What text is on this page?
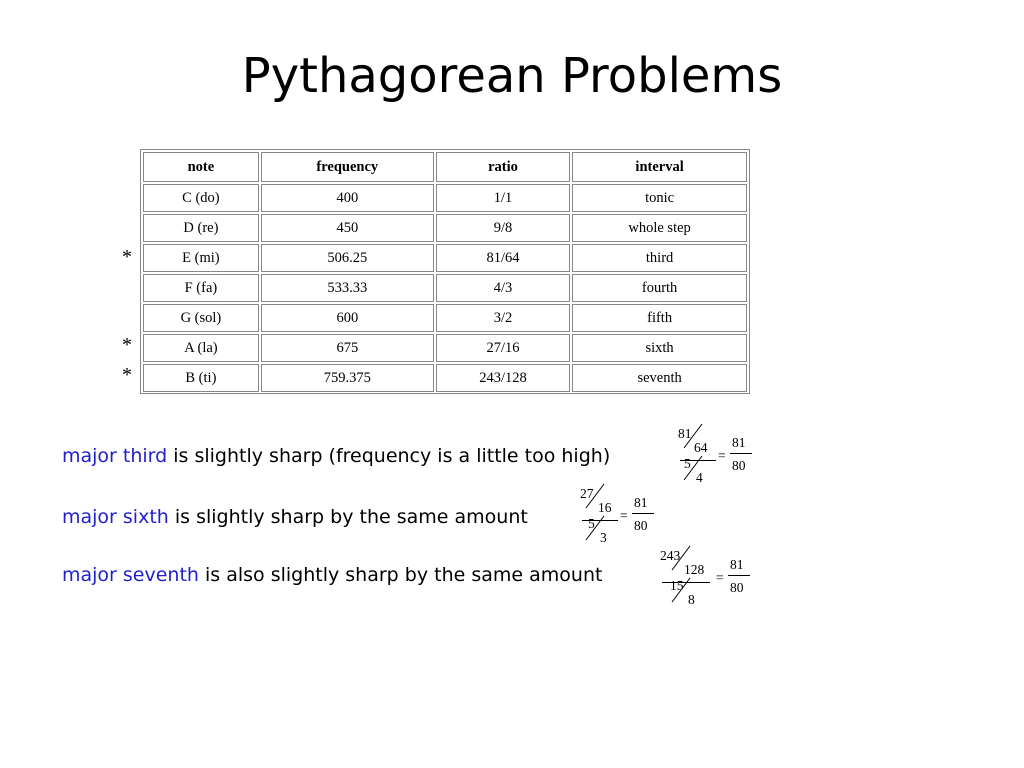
Pythagorean Problems
note	frequency	ratio	interval
C (do)	400	1/1	tonic
D (re)	450	9/8	whole step
E (mi)	506.25	81/64	third
F (fa)	533.33	4/3	fourth
G (sol)	600	3/2	fifth
A (la)	675	27/16	sixth
B (ti)	759.375	243/128	seventh
*
*
*
major third is slightly sharp (frequency is a little too high)
major sixth is slightly sharp by the same amount
major seventh is also slightly sharp by the same amount
81
64
5
4
=
81
80
27
16
5
3
=
81
80
243
128
15
8
=
81
80
